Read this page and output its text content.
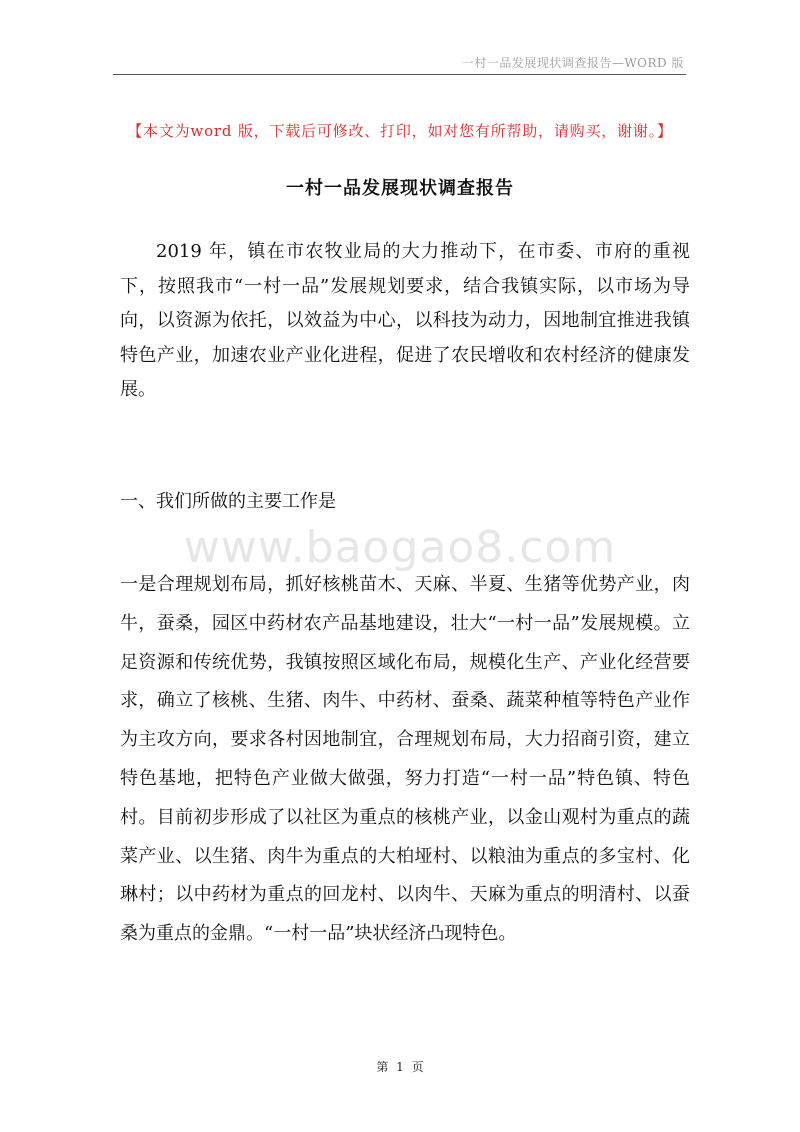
一村一品发展现状调查报告—WORD 版
【本文为word 版，下载后可修改、打印，如对您有所帮助，请购买，谢谢。】
一村一品发展现状调查报告

2019 年，镇在市农牧业局的大力推动下，在市委、市府的重视下，按照我市“一村一品”发展规划要求，结合我镇实际，以市场为导向，以资源为依托，以效益为中心，以科技为动力，因地制宜推进我镇特色产业，加速农业产业化进程，促进了农民增收和农村经济的健康发展。

一、我们所做的主要工作是
www.baogao8.com

一是合理规划布局，抓好核桃苗木、天麻、半夏、生猪等优势产业，肉牛，蚕桑，园区中药材农产品基地建设，壮大“一村一品”发展规模。立足资源和传统优势，我镇按照区域化布局，规模化生产、产业化经营要求，确立了核桃、生猪、肉牛、中药材、蚕桑、蔬菜种植等特色产业作为主攻方向，要求各村因地制宜，合理规划布局，大力招商引资，建立特色基地，把特色产业做大做强，努力打造“一村一品”特色镇、特色村。目前初步形成了以社区为重点的核桃产业，以金山观村为重点的蔬菜产业、以生猪、肉牛为重点的大柏垭村、以粮油为重点的多宝村、化琳村；以中药材为重点的回龙村、以肉牛、天麻为重点的明清村、以蚕桑为重点的金鼎。“一村一品”块状经济凸现特色。

第 1 页
